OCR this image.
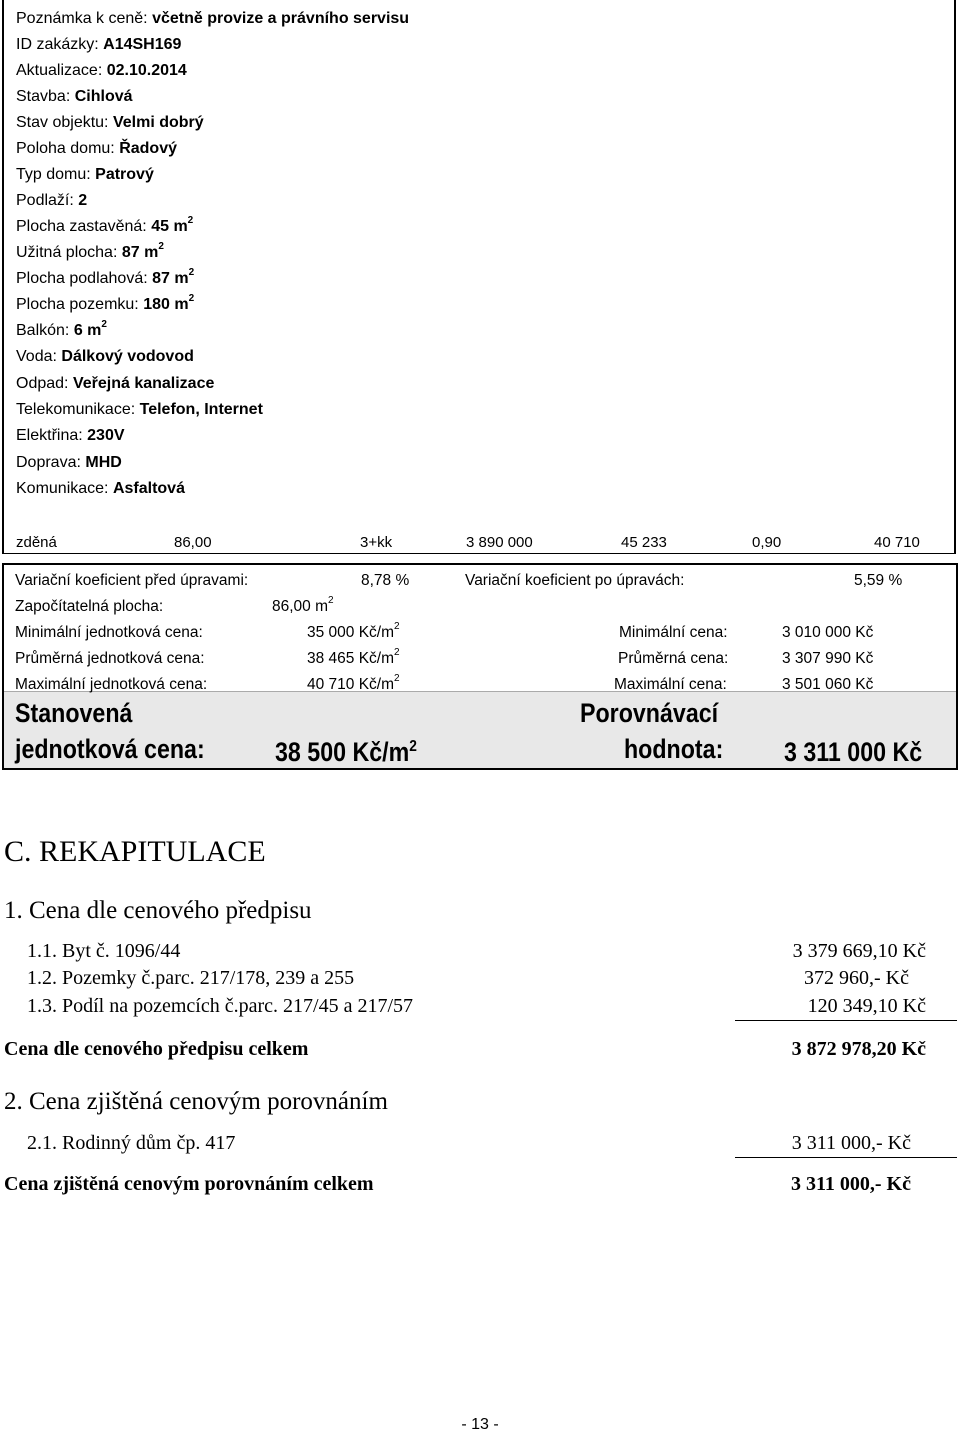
Poznámka k ceně: včetně provize a právního servisu
ID zakázky: A14SH169
Aktualizace: 02.10.2014
Stavba: Cihlová
Stav objektu: Velmi dobrý
Poloha domu: Řadový
Typ domu: Patrový
Podlaží: 2
Plocha zastavěná: 45 $m^2$
Užitná plocha: 87 $m^2$
Plocha podlahová: 87 $m^2$
Plocha pozemku: 180 $m^2$
Balkón: 6 $m^2$
Voda: Dálkový vodovod
Odpad: Veřejná kanalizace
Telekomunikace: Telefon, Internet
Elektřina: 230V
Doprava: MHD
Komunikace: Asfaltová
zděná	86,00	3+kk	3 890 000	45 233	0,90	40 710
Variační koeficient před úpravami:	8,78 %	Variační koeficient po úpravách:	5,59 %
Započítatelná plocha:	86,00 $m^2$
Minimální jednotková cena:	35 000 $Kč/m^2$	Minimální cena:	3 010 000 Kč
Průměrná jednotková cena:	38 465 $Kč/m^2$	Průměrná cena:	3 307 990 Kč
Maximální jednotková cena:	40 710 $Kč/m^2$	Maximální cena:	3 501 060 Kč
Stanovená
jednotková cena:	38 500 $Kč/m^2$
Porovnávací
hodnota: 3 311 000 Kč
C. REKAPITULACE
1. Cena dle cenového předpisu
1.1. Byt č. 1096/44	3 379 669,10 Kč
1.2. Pozemky č.parc. 217/178, 239 a 255	372 960,- Kč
1.3. Podíl na pozemcích č.parc. 217/45 a 217/57	120 349,10 Kč
Cena dle cenového předpisu celkem	3 872 978,20 Kč
2. Cena zjištěná cenovým porovnáním
2.1. Rodinný dům čp. 417	3 311 000,- Kč
Cena zjištěná cenovým porovnáním celkem	3 311 000,- Kč
- 13 -
